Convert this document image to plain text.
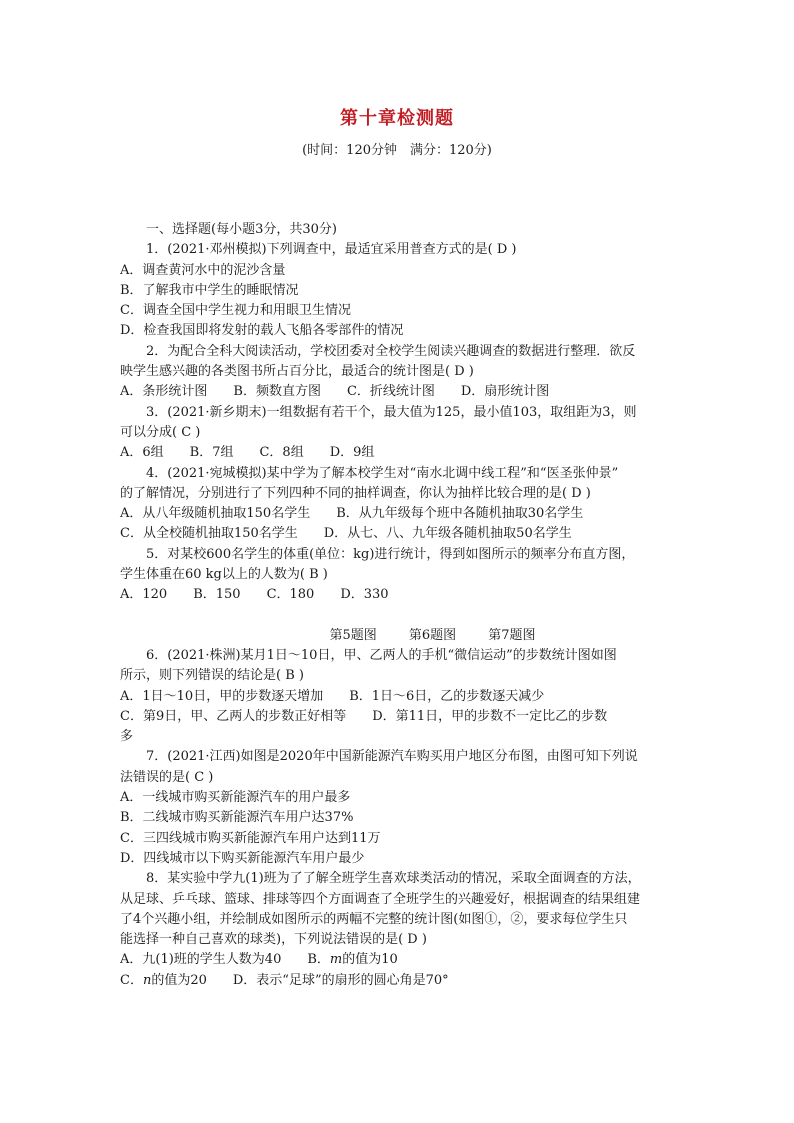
第十章检测题
(时间：120分钟　满分：120分)
一、选择题(每小题3分，共30分)
1．(2021·邓州模拟)下列调查中，最适宜采用普查方式的是( D )
A．调查黄河水中的泥沙含量
B．了解我市中学生的睡眠情况
C．调查全国中学生视力和用眼卫生情况
D．检查我国即将发射的载人飞船各零部件的情况
2．为配合全科大阅读活动，学校团委对全校学生阅读兴趣调查的数据进行整理．欲反
映学生感兴趣的各类图书所占百分比，最适合的统计图是( D )
A．条形统计图　　B．频数直方图　　C．折线统计图　　D．扇形统计图
3．(2021·新乡期末)一组数据有若干个，最大值为125，最小值103，取组距为3，则
可以分成( C )
A．6组　　B．7组　　C．8组　　D．9组
4．(2021·宛城模拟)某中学为了解本校学生对“南水北调中线工程”和“医圣张仲景”
的了解情况，分别进行了下列四种不同的抽样调查，你认为抽样比较合理的是( D )
A．从八年级随机抽取150名学生　　B．从九年级每个班中各随机抽取30名学生
C．从全校随机抽取150名学生　　D．从七、八、九年级各随机抽取50名学生
5．对某校600名学生的体重(单位：kg)进行统计，得到如图所示的频率分布直方图，
学生体重在60 kg以上的人数为( B )
A．120　　B．150　　C．180　　D．330
第5题图 第6题图 第7题图
6．(2021·株洲)某月1日～10日，甲、乙两人的手机“微信运动”的步数统计图如图
所示，则下列错误的结论是( B )
A．1日～10日，甲的步数逐天增加　　B．1日～6日，乙的步数逐天减少
C．第9日，甲、乙两人的步数正好相等　　D．第11日，甲的步数不一定比乙的步数
多
7．(2021·江西)如图是2020年中国新能源汽车购买用户地区分布图，由图可知下列说
法错误的是( C )
A．一线城市购买新能源汽车的用户最多
B．二线城市购买新能源汽车用户达37%
C．三四线城市购买新能源汽车用户达到11万
D．四线城市以下购买新能源汽车用户最少
8．某实验中学九(1)班为了了解全班学生喜欢球类活动的情况，采取全面调查的方法，
从足球、乒乓球、篮球、排球等四个方面调查了全班学生的兴趣爱好，根据调查的结果组建
了4个兴趣小组，并绘制成如图所示的两幅不完整的统计图(如图①，②，要求每位学生只
能选择一种自己喜欢的球类)，下列说法错误的是( D )
A．九(1)班的学生人数为40　　B．m的值为10
C．n的值为20　　D．表示“足球”的扇形的圆心角是70°
